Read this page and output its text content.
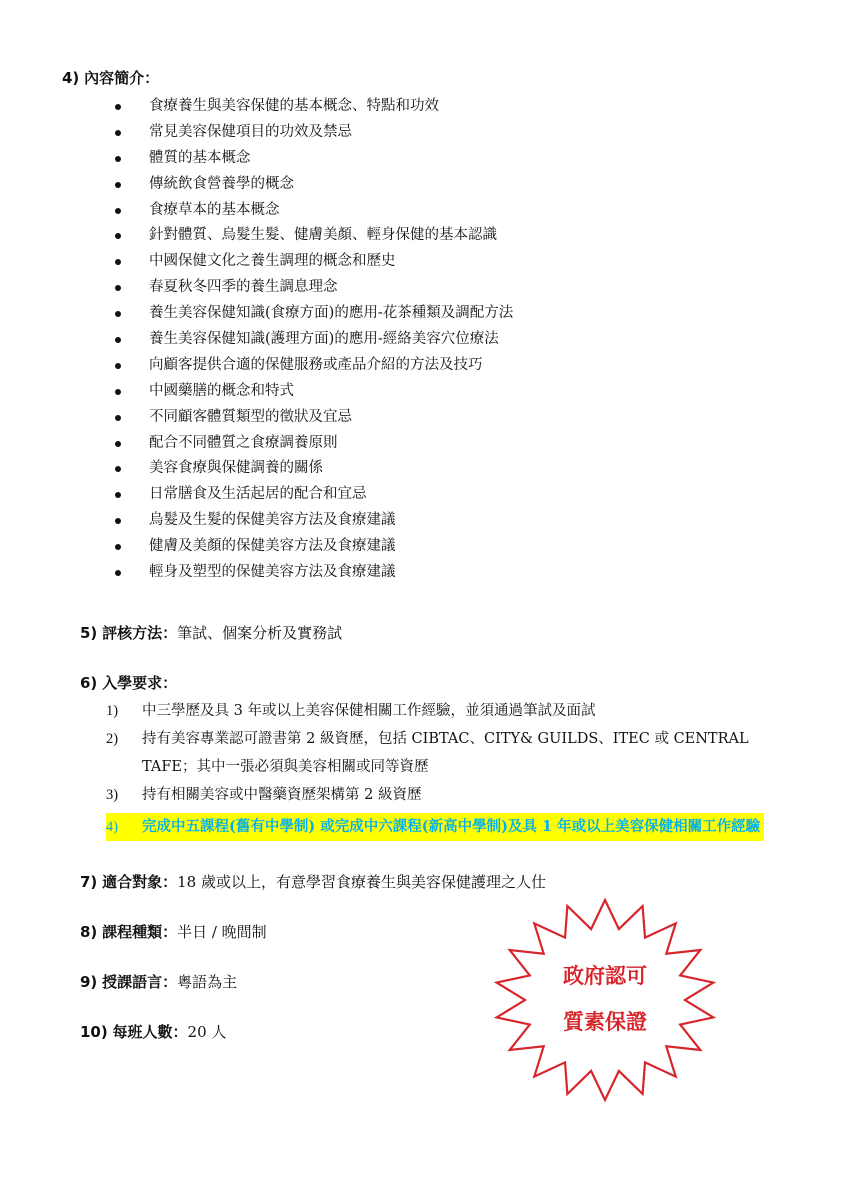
4) 內容簡介：
食療養生與美容保健的基本概念、特點和功效
常見美容保健項目的功效及禁忌
體質的基本概念
傳統飲食營養學的概念
食療草本的基本概念
針對體質、烏髮生髮、健膚美顏、輕身保健的基本認識
中國保健文化之養生調理的概念和歷史
春夏秋冬四季的養生調息理念
養生美容保健知識(食療方面)的應用-花茶種類及調配方法
養生美容保健知識(護理方面)的應用-經絡美容穴位療法
向顧客提供合適的保健服務或產品介紹的方法及技巧
中國藥膳的概念和特式
不同顧客體質類型的徵狀及宜忌
配合不同體質之食療調養原則
美容食療與保健調養的關係
日常膳食及生活起居的配合和宜忌
烏髮及生髮的保健美容方法及食療建議
健膚及美顏的保健美容方法及食療建議
輕身及塑型的保健美容方法及食療建議
5) 評核方法：筆試、個案分析及實務試
6) 入學要求：
1) 中三學歷及具 3 年或以上美容保健相關工作經驗，並須通過筆試及面試
2) 持有美容專業認可證書第 2 級資歷，包括 CIBTAC、CITY& GUILDS、ITEC 或 CENTRAL
TAFE；其中一張必須與美容相關或同等資歷
3) 持有相關美容或中醫藥資歷架構第 2 級資歷
4) 完成中五課程(舊有中學制) 或完成中六課程(新高中學制)及具 1 年或以上美容保健相關工作經驗
7) 適合對象：18 歲或以上，有意學習食療養生與美容保健護理之人仕
8) 課程種類：半日 / 晚間制
9) 授課語言：粵語為主
10) 每班人數：20 人
政府認可
質素保證
